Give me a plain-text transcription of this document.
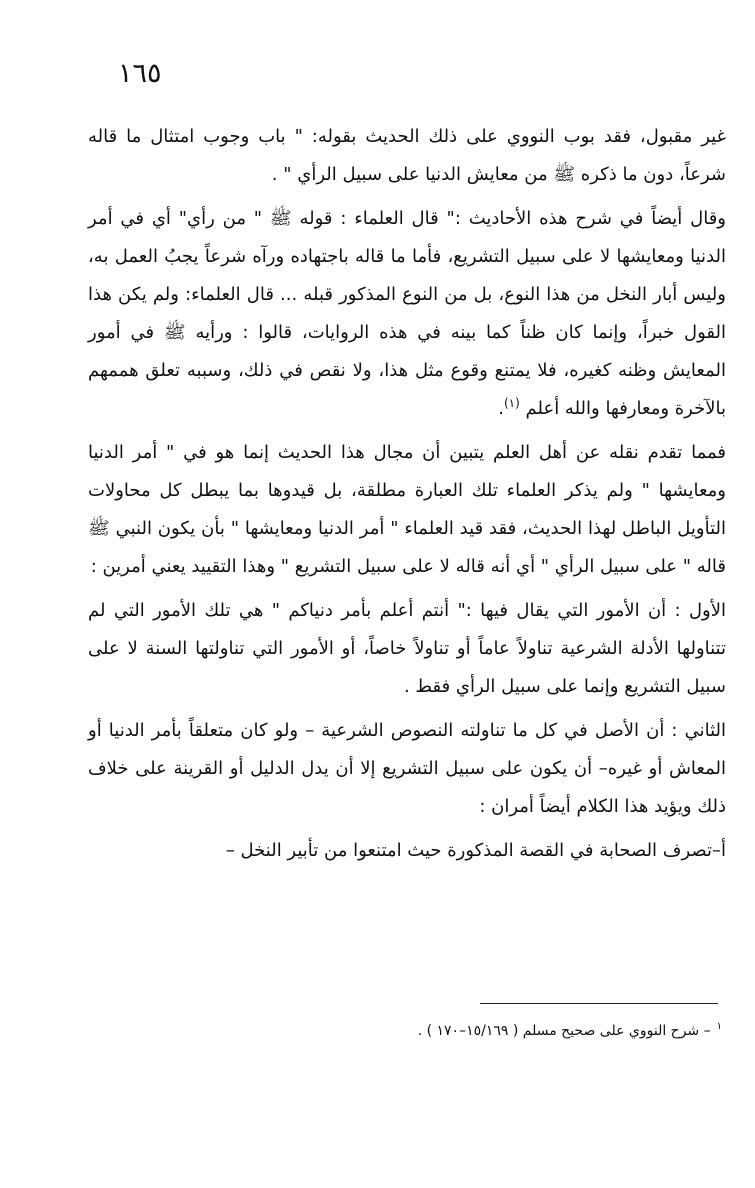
١٦٥

غير مقبول، فقد بوب النووي على ذلك الحديث بقوله: " باب وجوب امتثال ما قاله شرعاً، دون ما ذكره ﷺ من معايش الدنيا على سبيل الرأي " .

وقال أيضاً في شرح هذه الأحاديث :" قال العلماء : قوله ﷺ " من رأي" أي في أمر الدنيا ومعايشها لا على سبيل التشريع، فأما ما قاله باجتهاده ورآه شرعاً يجبُ العمل به، وليس أبار النخل من هذا النوع، بل من النوع المذكور قبله ... قال العلماء: ولم يكن هذا القول خبراً، وإنما كان ظناً كما بينه في هذه الروايات، قالوا : ورأيه ﷺ في أمور المعايش وظنه كغيره، فلا يمتنع وقوع مثل هذا، ولا نقص في ذلك، وسببه تعلق هممهم بالآخرة ومعارفها والله أعلم $^{(١)}$.

فمما تقدم نقله عن أهل العلم يتبين أن مجال هذا الحديث إنما هو في " أمر الدنيا ومعايشها " ولم يذكر العلماء تلك العبارة مطلقة، بل قيدوها بما يبطل كل محاولات التأويل الباطل لهذا الحديث، فقد قيد العلماء " أمر الدنيا ومعايشها " بأن يكون النبي ﷺ قاله " على سبيل الرأي " أي أنه قاله لا على سبيل التشريع " وهذا التقييد يعني أمرين :

الأول : أن الأمور التي يقال فيها :" أنتم أعلم بأمر دنياكم " هي تلك الأمور التي لم تتناولها الأدلة الشرعية تناولاً عاماً أو تناولاً خاصاً، أو الأمور التي تناولتها السنة لا على سبيل التشريع وإنما على سبيل الرأي فقط .

الثاني : أن الأصل في كل ما تناولته النصوص الشرعية – ولو كان متعلقاً بأمر الدنيا أو المعاش أو غيره– أن يكون على سبيل التشريع إلا أن يدل الدليل أو القرينة على خلاف ذلك ويؤيد هذا الكلام أيضاً أمران :

أ–تصرف الصحابة في القصة المذكورة حيث امتنعوا من تأبير النخل –

$^١$– شرح النووي على صحيح مسلم ( ١٥/١٦٩–١٧٠ ) .
